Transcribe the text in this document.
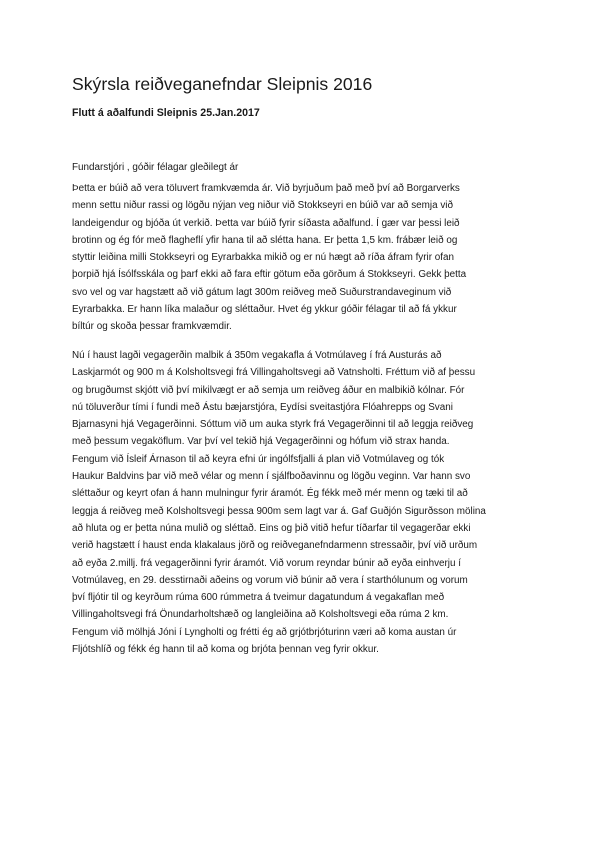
Skýrsla reiðveganefndar Sleipnis 2016
Flutt á aðalfundi Sleipnis 25.Jan.2017
Fundarstjóri , góðir félagar gleðilegt ár
Þetta er búið að vera töluvert framkvæmda ár. Við byrjuðum það með því að Borgarverks
menn settu niður rassi og lögðu nýjan veg niður við Stokkseyri en búið var að semja við
landeigendur og bjóða út verkið. Þetta var búið fyrir síðasta aðalfund. Í gær var þessi leið
brotinn og ég fór með flagheflí yfir hana til að slétta hana. Er þetta 1,5 km. frábær leið og
styttir leiðina milli Stokkseyri og Eyrarbakka mikið og er nú hægt að ríða áfram fyrir ofan
þorpið hjá Ísólfsskála og þarf ekki að fara eftir götum eða görðum á Stokkseyri. Gekk þetta
svo vel og var hagstætt að við gátum lagt 300m reiðveg með Suðurstrandaveginum við
Eyrarbakka. Er hann líka malaður og sléttaður. Hvet ég ykkur góðir félagar til að fá ykkur
bíltúr og skoða þessar framkvæmdir.
Nú í haust lagði vegagerðin malbik á 350m vegakafla á Votmúlaveg í frá Austurás að
Laskjarmót og 900 m á Kolsholtsvegi frá Villingaholtsvegi að Vatnsholti. Fréttum við af þessu
og brugðumst skjótt við því mikilvægt er að semja um reiðveg áður en malbikið kólnar. Fór
nú töluverður tími í fundi með Ástu bæjarstjóra, Eydísi sveitastjóra Flóahrepps og Svani
Bjarnasyni hjá Vegagerðinni. Sóttum við um auka styrk frá Vegagerðinni til að leggja reiðveg
með þessum vegaköflum. Var því vel tekið hjá Vegagerðinni og hófum við strax handa.
Fengum við Ísleif Árnason til að keyra efni úr ingólfsfjalli á plan við Votmúlaveg og tók
Haukur Baldvins þar við með vélar og menn í sjálfboðavinnu og lögðu veginn. Var hann svo
sléttaður og keyrt ofan á hann mulningur fyrir áramót. Ég fékk með mér menn og tæki til að
leggja á reiðveg með Kolsholtsvegi þessa 900m sem lagt var á. Gaf Guðjón Sigurðsson mölina
að hluta og er þetta núna mulið og sléttað. Eins og þið vitið hefur tíðarfar til vegagerðar ekki
verið hagstætt í haust enda klakalaus jörð og reiðveganefndarmenn stressaðir, því við urðum
að eyða 2.millj. frá vegagerðinni fyrir áramót. Við vorum reyndar búnir að eyða einhverju í
Votmúlaveg, en 29. desstirnaði aðeins og vorum við búnir að vera í starthólunum og vorum
því fljótir til og keyrðum rúma 600 rúmmetra á tveimur dagatundum á vegakaflan með
Villingaholtsvegi frá Önundarholtshæð og langleiðina að Kolsholtsvegi eða rúma 2 km.
Fengum við mölhjá Jóni í Lyngholti og frétti ég að grjótbrjóturinn væri að koma austan úr
Fljótshlíð og fékk ég hann til að koma og brjóta þennan veg fyrir okkur.
